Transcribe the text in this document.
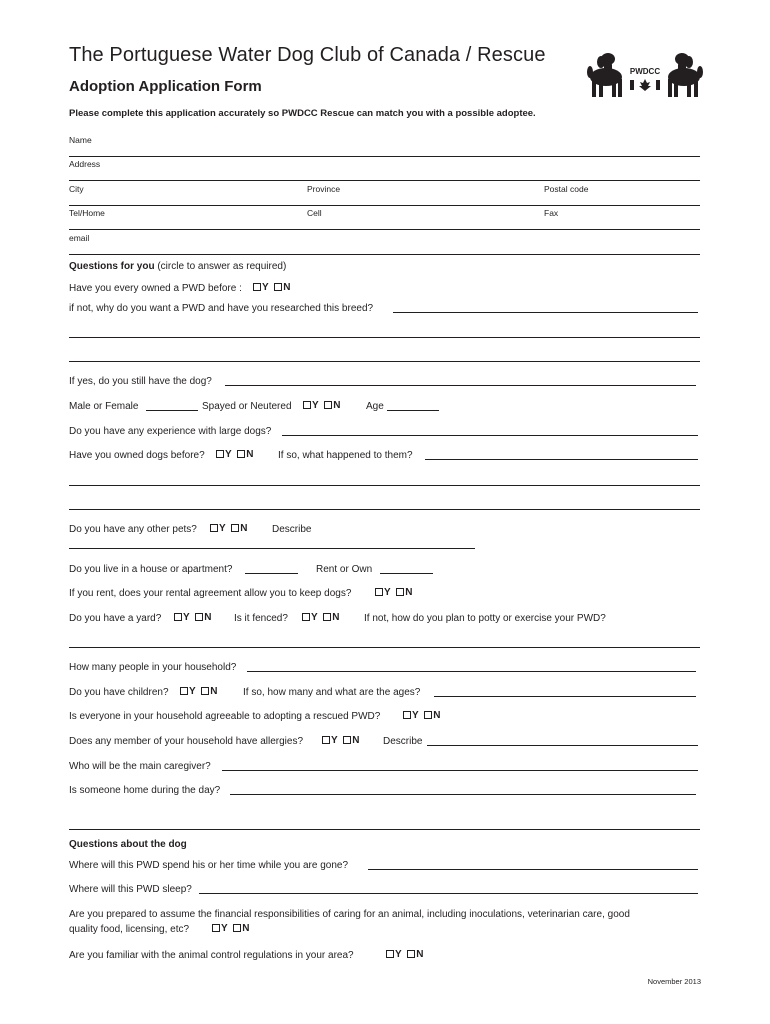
The Portuguese Water Dog Club of Canada / Rescue
Adoption Application Form
Please complete this application accurately so PWDCC Rescue can match you with a possible adoptee.
PWDCC
Name
Address
City	Province	Postal code
Tel/Home	Cell	Fax
email
Questions for you (circle to answer as required)
Have you every owned a PWD before :	Y N
if not, why do you want a PWD and have you researched this breed?
If yes, do you still have the dog?
Male or Female	Spayed or Neutered	Y N	Age
Do you have any experience with large dogs?
Have you owned dogs before?	Y N If so, what happened to them?
Do you have any other pets?	Y N Describe
Do you live in a house or apartment?	Rent or Own
If you rent, does your rental agreement allow you to keep dogs?	Y N
Do you have a yard?	Y N Is it fenced?	Y N If not, how do you plan to potty or exercise your PWD?
How many people in your household?
Do you have children?	Y N	If so, how many and what are the ages?
Is everyone in your household agreeable to adopting a rescued PWD?	Y N
Does any member of your household have allergies?	Y N Describe
Who will be the main caregiver?
Is someone home during the day?
Questions about the dog
Where will this PWD spend his or her time while you are gone?
Where will this PWD sleep?
Are you prepared to assume the financial responsibilities of caring for an animal, including inoculations, veterinarian care, good
quality food, licensing, etc?	Y N
Are you familiar with the animal control regulations in your area?	Y N
November 2013
